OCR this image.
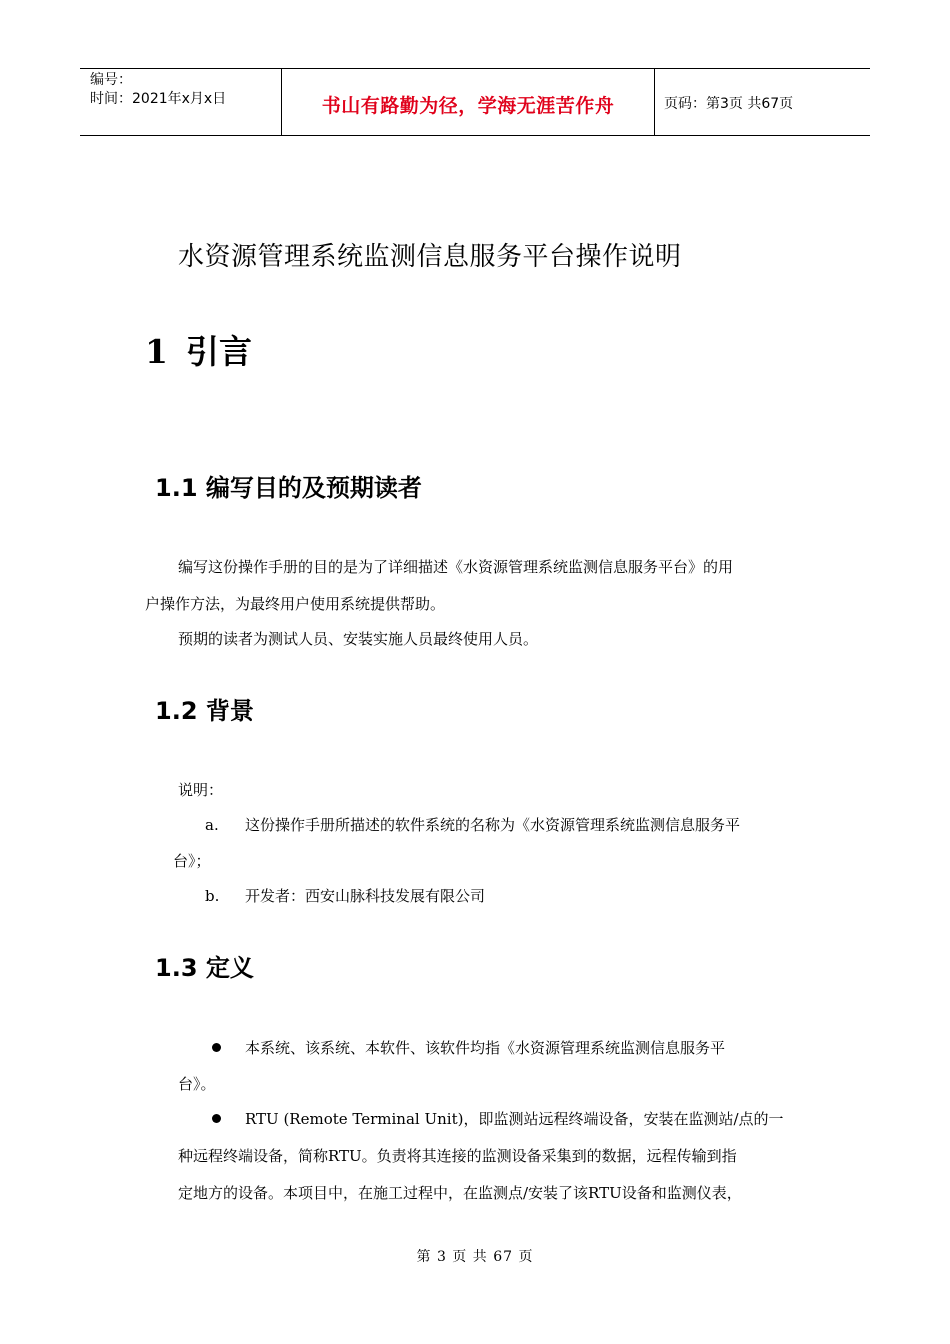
编号：
时间：2021年x月x日	书山有路勤为径，学海无涯苦作舟	页码：第3页 共67页
水资源管理系统监测信息服务平台操作说明
1 引言
1.1 编写目的及预期读者
编写这份操作手册的目的是为了详细描述《水资源管理系统监测信息服务平台》的用
户操作方法，为最终用户使用系统提供帮助。
预期的读者为测试人员、安装实施人员最终使用人员。
1.2 背景
说明：
a. 这份操作手册所描述的软件系统的名称为《水资源管理系统监测信息服务平
台》；
b. 开发者：西安山脉科技发展有限公司
1.3 定义
本系统、该系统、本软件、该软件均指《水资源管理系统监测信息服务平
台》。
RTU (Remote Terminal Unit)，即监测站远程终端设备，安装在监测站/点的一
种远程终端设备，简称RTU。负责将其连接的监测设备采集到的数据，远程传输到指
定地方的设备。本项目中，在施工过程中，在监测点/安装了该RTU设备和监测仪表，
第 3 页 共 67 页
